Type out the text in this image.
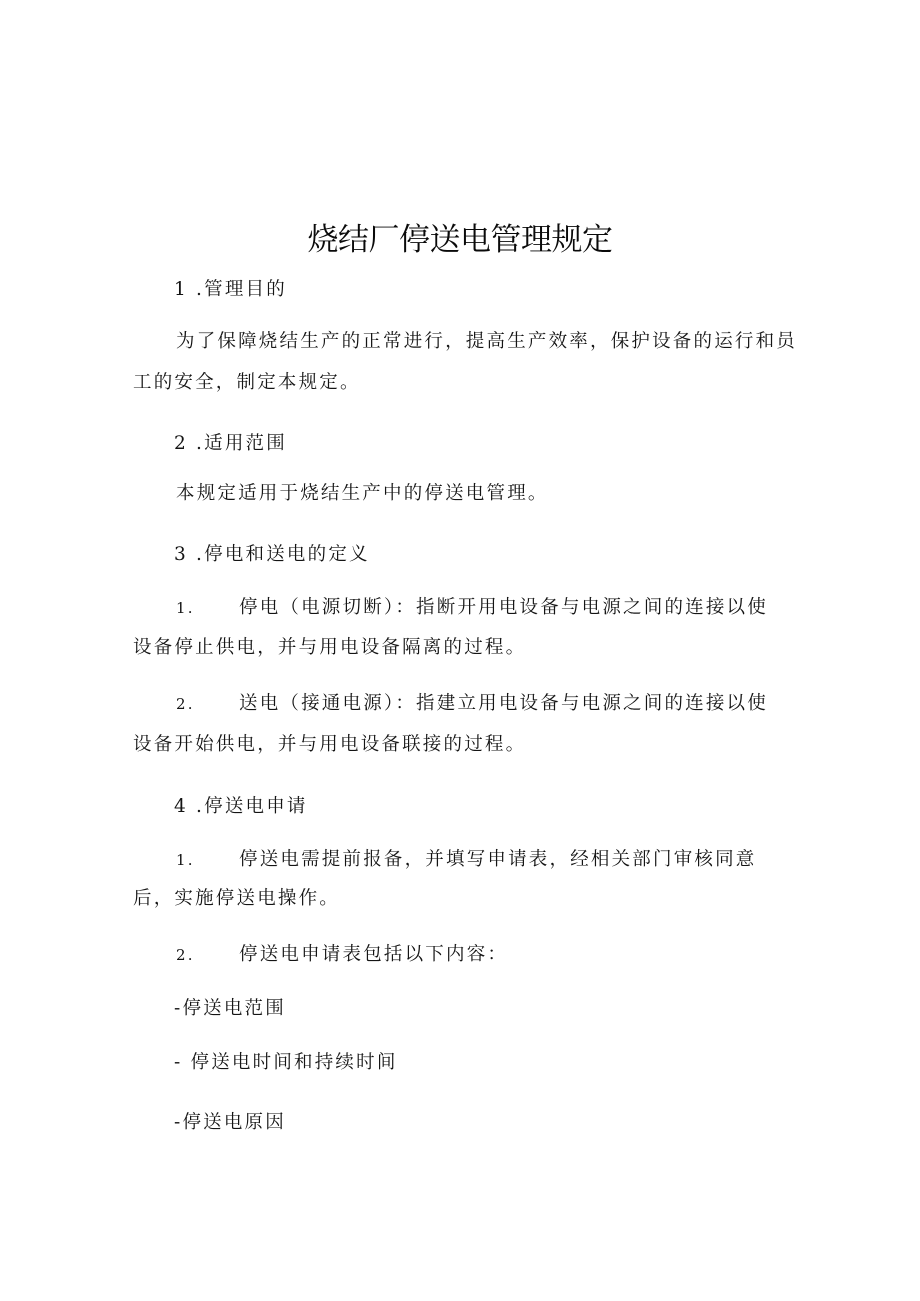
烧结厂停送电管理规定
1 .管理目的
为了保障烧结生产的正常进行，提高生产效率，保护设备的运行和员
工的安全，制定本规定。
2 .适用范围
本规定适用于烧结生产中的停送电管理。
3 .停电和送电的定义
1. 停电（电源切断）：指断开用电设备与电源之间的连接以使
设备停止供电，并与用电设备隔离的过程。
2. 送电（接通电源）：指建立用电设备与电源之间的连接以使
设备开始供电，并与用电设备联接的过程。
4 .停送电申请
1. 停送电需提前报备，并填写申请表，经相关部门审核同意
后，实施停送电操作。
2. 停送电申请表包括以下内容：
-停送电范围
- 停送电时间和持续时间
-停送电原因
